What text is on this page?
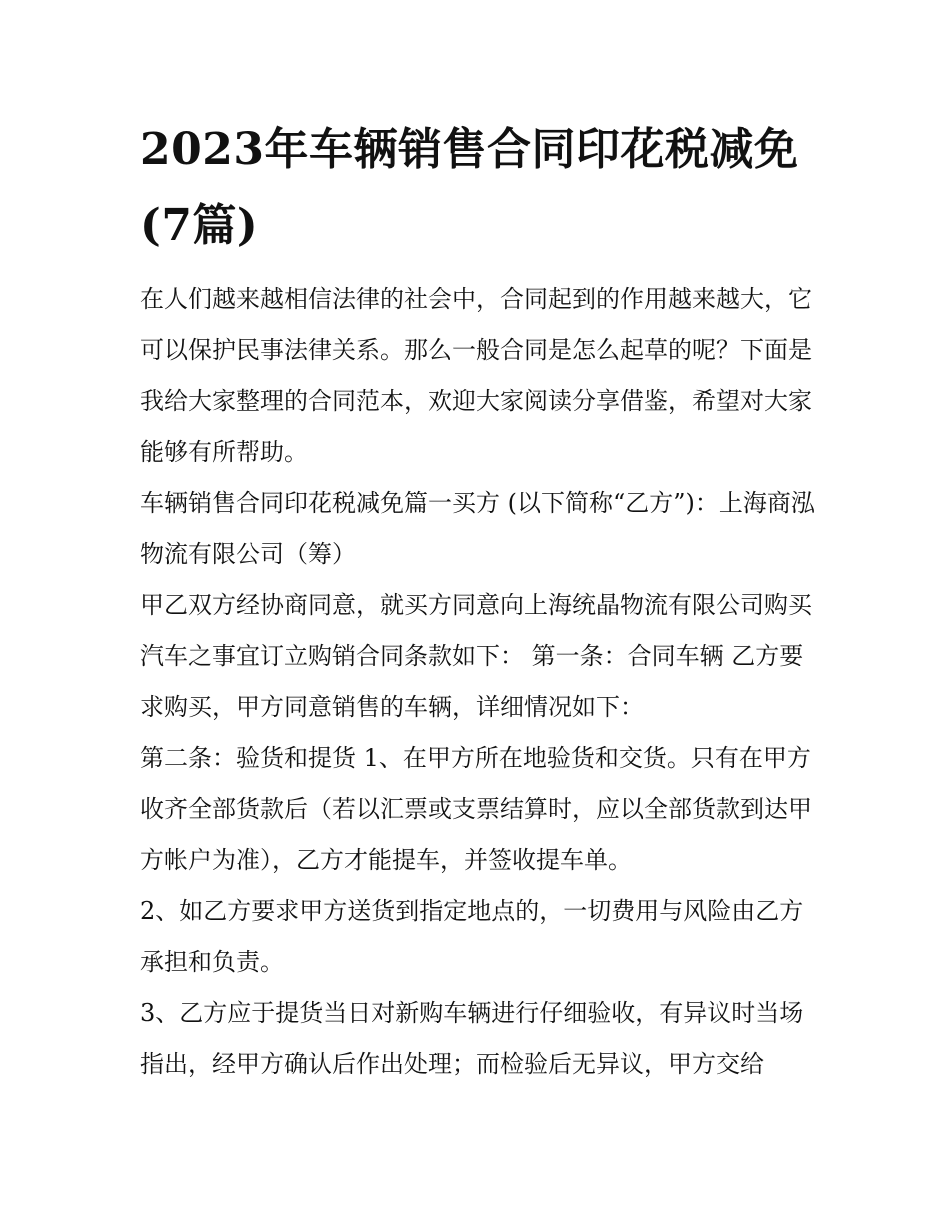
2023年车辆销售合同印花税减免(7篇)

在人们越来越相信法律的社会中，合同起到的作用越来越大，它可以保护民事法律关系。那么一般合同是怎么起草的呢？下面是我给大家整理的合同范本，欢迎大家阅读分享借鉴，希望对大家能够有所帮助。

车辆销售合同印花税减免篇一买方 (以下简称“乙方”)：上海商泓物流有限公司（筹）

甲乙双方经协商同意，就买方同意向上海统晶物流有限公司购买汽车之事宜订立购销合同条款如下： 第一条：合同车辆 乙方要求购买，甲方同意销售的车辆，详细情况如下：

第二条：验货和提货 1、在甲方所在地验货和交货。只有在甲方收齐全部货款后（若以汇票或支票结算时，应以全部货款到达甲方帐户为准），乙方才能提车，并签收提车单。

2、如乙方要求甲方送货到指定地点的，一切费用与风险由乙方承担和负责。

3、乙方应于提货当日对新购车辆进行仔细验收，有异议时当场指出，经甲方确认后作出处理；而检验后无异议，甲方交给
